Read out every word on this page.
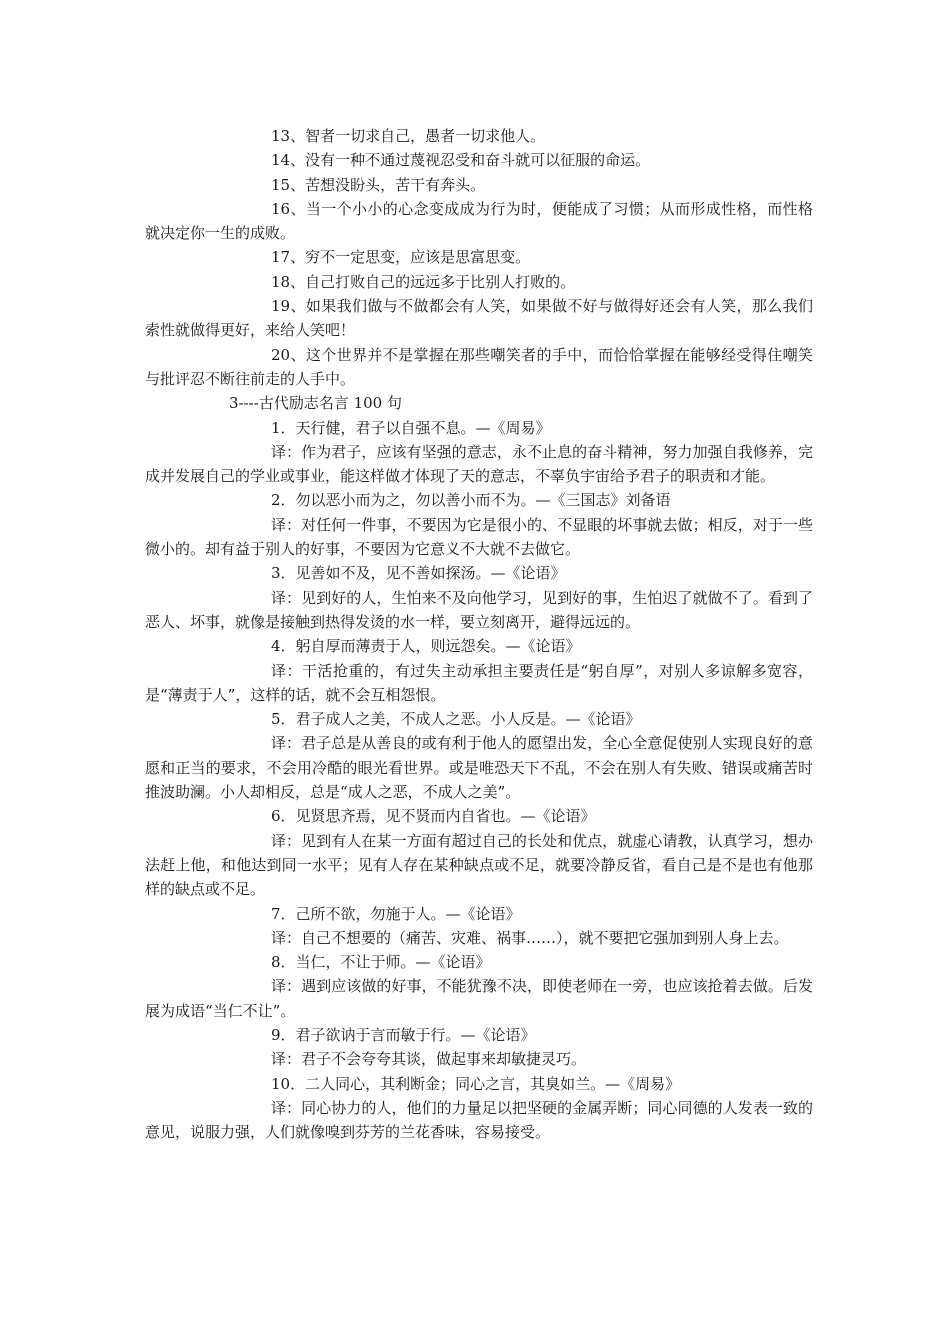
13、智者一切求自己，愚者一切求他人。

14、没有一种不通过蔑视忍受和奋斗就可以征服的命运。

15、苦想没盼头，苦干有奔头。

16、当一个小小的心念变成成为行为时，便能成了习惯；从而形成性格，而性格就决定你一生的成败。

17、穷不一定思变，应该是思富思变。

18、自己打败自己的远远多于比别人打败的。

19、如果我们做与不做都会有人笑，如果做不好与做得好还会有人笑，那么我们索性就做得更好，来给人笑吧！

20、这个世界并不是掌握在那些嘲笑者的手中，而恰恰掌握在能够经受得住嘲笑与批评忍不断往前走的人手中。

3----古代励志名言 100 句

1．天行健，君子以自强不息。—《周易》

译：作为君子，应该有坚强的意志，永不止息的奋斗精神，努力加强自我修养，完成并发展自己的学业或事业，能这样做才体现了天的意志，不辜负宇宙给予君子的职责和才能。

2．勿以恶小而为之，勿以善小而不为。—《三国志》刘备语

译：对任何一件事，不要因为它是很小的、不显眼的坏事就去做；相反，对于一些微小的。却有益于别人的好事，不要因为它意义不大就不去做它。

3．见善如不及，见不善如探汤。—《论语》

译：见到好的人，生怕来不及向他学习，见到好的事，生怕迟了就做不了。看到了恶人、坏事，就像是接触到热得发烫的水一样，要立刻离开，避得远远的。

4．躬自厚而薄责于人，则远怨矣。—《论语》

译：干活抢重的，有过失主动承担主要责任是“躬自厚”，对别人多谅解多宽容，是“薄责于人”，这样的话，就不会互相怨恨。

5．君子成人之美，不成人之恶。小人反是。—《论语》

译：君子总是从善良的或有利于他人的愿望出发，全心全意促使别人实现良好的意愿和正当的要求，不会用冷酷的眼光看世界。或是唯恐天下不乱，不会在别人有失败、错误或痛苦时推波助澜。小人却相反，总是“成人之恶，不成人之美”。

6．见贤思齐焉，见不贤而内自省也。—《论语》

译：见到有人在某一方面有超过自己的长处和优点，就虚心请教，认真学习，想办法赶上他，和他达到同一水平；见有人存在某种缺点或不足，就要冷静反省，看自己是不是也有他那样的缺点或不足。

7．己所不欲，勿施于人。—《论语》

译：自己不想要的（痛苦、灾难、祸事……），就不要把它强加到别人身上去。

8．当仁，不让于师。—《论语》

译：遇到应该做的好事，不能犹豫不决，即使老师在一旁，也应该抢着去做。后发展为成语“当仁不让”。

9．君子欲讷于言而敏于行。—《论语》

译：君子不会夸夸其谈，做起事来却敏捷灵巧。

10．二人同心，其利断金；同心之言，其臭如兰。—《周易》

译：同心协力的人，他们的力量足以把坚硬的金属弄断；同心同德的人发表一致的意见，说服力强，人们就像嗅到芬芳的兰花香味，容易接受。
